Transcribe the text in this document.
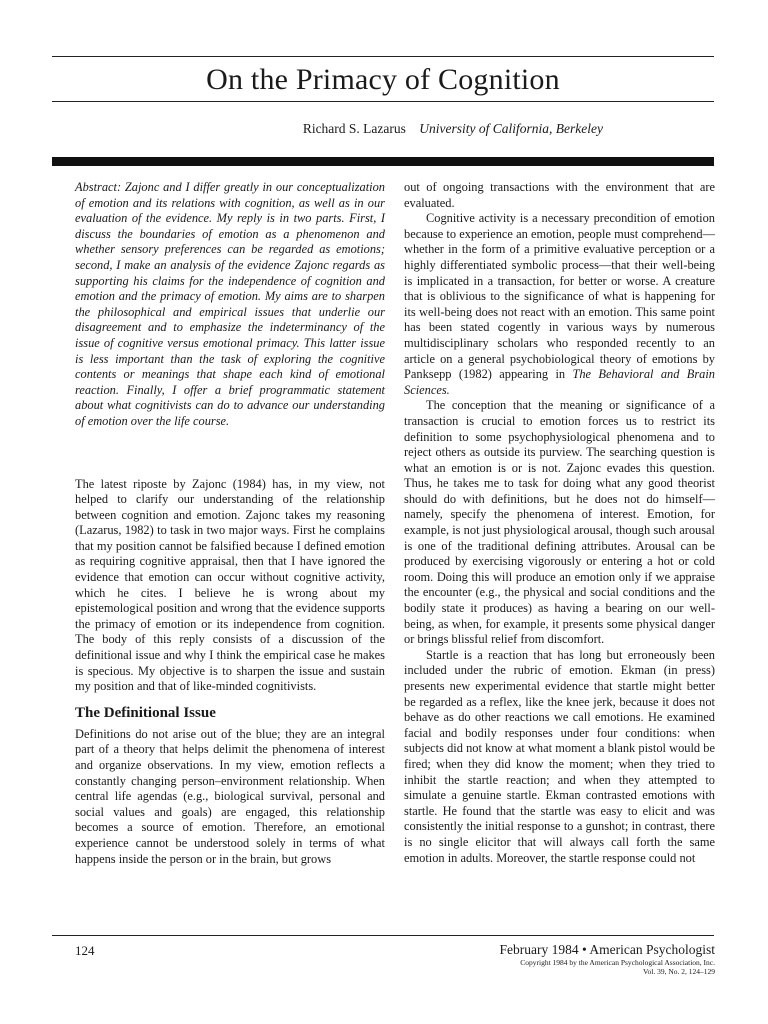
On the Primacy of Cognition
Richard S. Lazarus University of California, Berkeley

Abstract: Zajonc and I differ greatly in our conceptualization of emotion and its relations with cognition, as well as in our evaluation of the evidence. My reply is in two parts. First, I discuss the boundaries of emotion as a phenomenon and whether sensory preferences can be regarded as emotions; second, I make an analysis of the evidence Zajonc regards as supporting his claims for the independence of cognition and emotion and the primacy of emotion. My aims are to sharpen the philosophical and empirical issues that underlie our disagreement and to emphasize the indeterminancy of the issue of cognitive versus emotional primacy. This latter issue is less important than the task of exploring the cognitive contents or meanings that shape each kind of emotional reaction. Finally, I offer a brief programmatic statement about what cognitivists can do to advance our understanding of emotion over the life course.

The latest riposte by Zajonc (1984) has, in my view, not helped to clarify our understanding of the relationship between cognition and emotion. Zajonc takes my reasoning (Lazarus, 1982) to task in two major ways. First he complains that my position cannot be falsified because I defined emotion as requiring cognitive appraisal, then that I have ignored the evidence that emotion can occur without cognitive activity, which he cites. I believe he is wrong about my epistemological position and wrong that the evidence supports the primacy of emotion or its independence from cognition. The body of this reply consists of a discussion of the definitional issue and why I think the empirical case he makes is specious. My objective is to sharpen the issue and sustain my position and that of like-minded cognitivists.

The Definitional Issue

Definitions do not arise out of the blue; they are an integral part of a theory that helps delimit the phenomena of interest and organize observations. In my view, emotion reflects a constantly changing person–environment relationship. When central life agendas (e.g., biological survival, personal and social values and goals) are engaged, this relationship becomes a source of emotion. Therefore, an emotional experience cannot be understood solely in terms of what happens inside the person or in the brain, but grows

out of ongoing transactions with the environment that are evaluated.

Cognitive activity is a necessary precondition of emotion because to experience an emotion, people must comprehend—whether in the form of a primitive evaluative perception or a highly differentiated symbolic process—that their well-being is implicated in a transaction, for better or worse. A creature that is oblivious to the significance of what is happening for its well-being does not react with an emotion. This same point has been stated cogently in various ways by numerous multidisciplinary scholars who responded recently to an article on a general psychobiological theory of emotions by Panksepp (1982) appearing in The Behavioral and Brain Sciences.

The conception that the meaning or significance of a transaction is crucial to emotion forces us to restrict its definition to some psychophysiological phenomena and to reject others as outside its purview. The searching question is what an emotion is or is not. Zajonc evades this question. Thus, he takes me to task for doing what any good theorist should do with definitions, but he does not do himself—namely, specify the phenomena of interest. Emotion, for example, is not just physiological arousal, though such arousal is one of the traditional defining attributes. Arousal can be produced by exercising vigorously or entering a hot or cold room. Doing this will produce an emotion only if we appraise the encounter (e.g., the physical and social conditions and the bodily state it produces) as having a bearing on our well-being, as when, for example, it presents some physical danger or brings blissful relief from discomfort.

Startle is a reaction that has long but erroneously been included under the rubric of emotion. Ekman (in press) presents new experimental evidence that startle might better be regarded as a reflex, like the knee jerk, because it does not behave as do other reactions we call emotions. He examined facial and bodily responses under four conditions: when subjects did not know at what moment a blank pistol would be fired; when they did know the moment; when they tried to inhibit the startle reaction; and when they attempted to simulate a genuine startle. Ekman contrasted emotions with startle. He found that the startle was easy to elicit and was consistently the initial response to a gunshot; in contrast, there is no single elicitor that will always call forth the same emotion in adults. Moreover, the startle response could not

124	February 1984 • American Psychologist
Copyright 1984 by the American Psychological Association, Inc.
Vol. 39, No. 2, 124–129
